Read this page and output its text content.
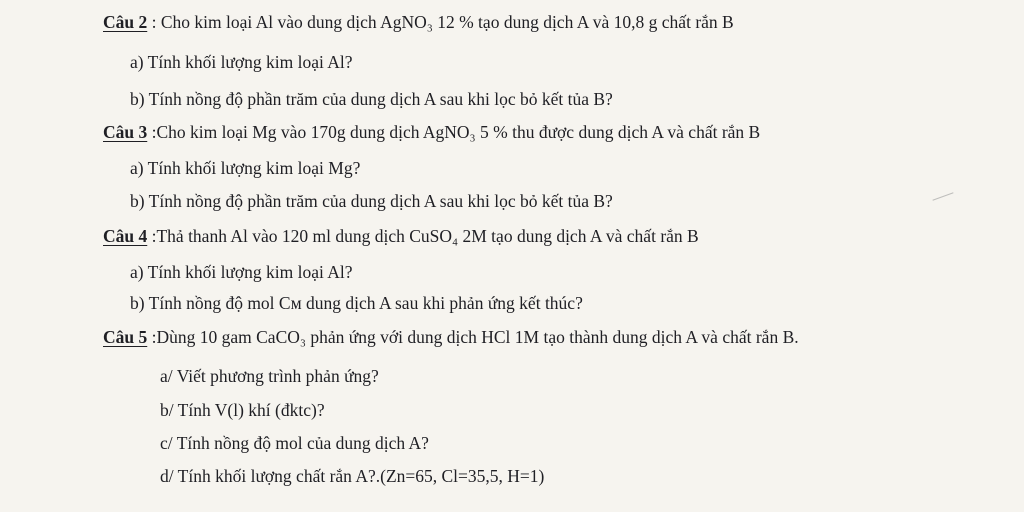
Câu 2 : Cho kim loại Al vào dung dịch AgNO₃ 12 % tạo dung dịch A và 10,8 g chất rắn B
a) Tính khối lượng kim loại Al?
b) Tính nồng độ phần trăm của dung dịch A sau khi lọc bỏ kết tủa B?
Câu 3 :Cho kim loại Mg vào 170g dung dịch AgNO₃ 5 % thu được dung dịch A và chất rắn B
a) Tính khối lượng kim loại Mg?
b) Tính nồng độ phần trăm của dung dịch A sau khi lọc bỏ kết tủa B?
Câu 4 :Thả thanh Al vào 120 ml dung dịch CuSO₄ 2M tạo dung dịch A và chất rắn B
a) Tính khối lượng kim loại Al?
b) Tính nồng độ mol Cм dung dịch A sau khi phản ứng kết thúc?
Câu 5 :Dùng 10 gam CaCO₃ phản ứng với dung dịch HCl 1M tạo thành dung dịch A và chất rắn B.
a/ Viết phương trình phản ứng?
b/ Tính V(l) khí (đktc)?
c/ Tính nồng độ mol của dung dịch A?
d/ Tính khối lượng chất rắn A?.(Zn=65, Cl=35,5, H=1)
